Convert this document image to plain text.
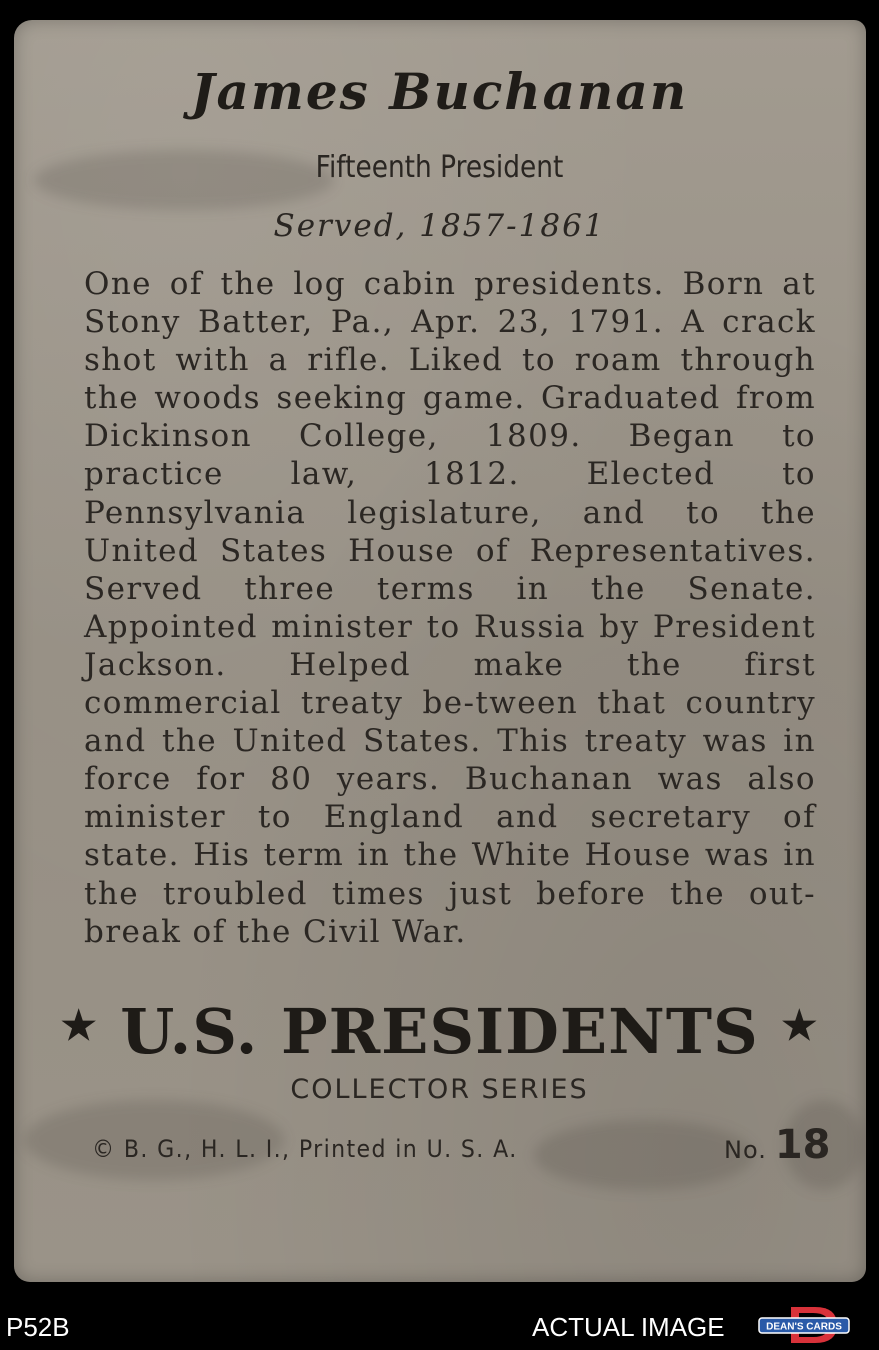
James Buchanan
Fifteenth President
Served, 1857-1861
One of the log cabin presidents. Born at Stony Batter, Pa., Apr. 23, 1791. A crack shot with a rifle. Liked to roam through the woods seeking game. Graduated from Dickinson College, 1809. Began to practice law, 1812. Elected to Pennsylvania legislature, and to the United States House of Representatives. Served three terms in the Senate. Appointed minister to Russia by President Jackson. Helped make the first commercial treaty be-tween that country and the United States. This treaty was in force for 80 years. Buchanan was also minister to England and secretary of state. His term in the White House was in the troubled times just before the out-break of the Civil War.
★ U.S. PRESIDENTS ★
COLLECTOR SERIES
© B. G., H. L. I., Printed in U. S. A.	No. 18
P52B	ACTUAL IMAGE	DEAN'S CARDS
